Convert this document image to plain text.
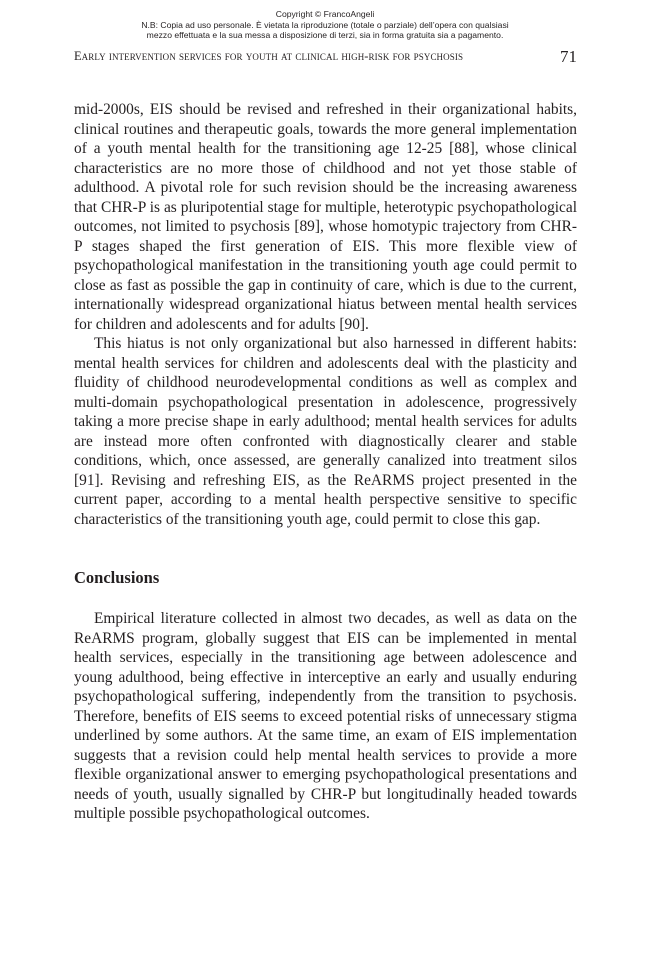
Copyright © FrancoAngeli
N.B: Copia ad uso personale. È vietata la riproduzione (totale o parziale) dell’opera con qualsiasi
mezzo effettuata e la sua messa a disposizione di terzi, sia in forma gratuita sia a pagamento.
Early intervention services for youth at clinical high-risk for psychosis	71

mid-2000s, EIS should be revised and refreshed in their organizational habits, clinical routines and therapeutic goals, towards the more general implementation of a youth mental health for the transitioning age 12-25 [88], whose clinical characteristics are no more those of childhood and not yet those stable of adulthood. A pivotal role for such revision should be the increasing awareness that CHR-P is as pluripotential stage for multiple, heterotypic psychopathological outcomes, not limited to psychosis [89], whose homotypic trajectory from CHR-P stages shaped the first generation of EIS. This more flexible view of psychopathological manifestation in the transitioning youth age could permit to close as fast as possible the gap in continuity of care, which is due to the current, internationally widespread organizational hiatus between mental health services for children and adolescents and for adults [90].

This hiatus is not only organizational but also harnessed in different habits: mental health services for children and adolescents deal with the plasticity and fluidity of childhood neurodevelopmental conditions as well as complex and multi-domain psychopathological presentation in adolescence, progressively taking a more precise shape in early adulthood; mental health services for adults are instead more often confronted with diagnostically clearer and stable conditions, which, once assessed, are generally canalized into treatment silos [91]. Revising and refreshing EIS, as the ReARMS project presented in the current paper, according to a mental health perspective sensitive to specific characteristics of the transitioning youth age, could permit to close this gap.

Conclusions

Empirical literature collected in almost two decades, as well as data on the ReARMS program, globally suggest that EIS can be implemented in mental health services, especially in the transitioning age between adolescence and young adulthood, being effective in interceptive an early and usually enduring psychopathological suffering, independently from the transition to psychosis. Therefore, benefits of EIS seems to exceed potential risks of unnecessary stigma underlined by some authors. At the same time, an exam of EIS implementation suggests that a revision could help mental health services to provide a more flexible organizational answer to emerging psychopathological presentations and needs of youth, usually signalled by CHR-P but longitudinally headed towards multiple possible psychopathological outcomes.
